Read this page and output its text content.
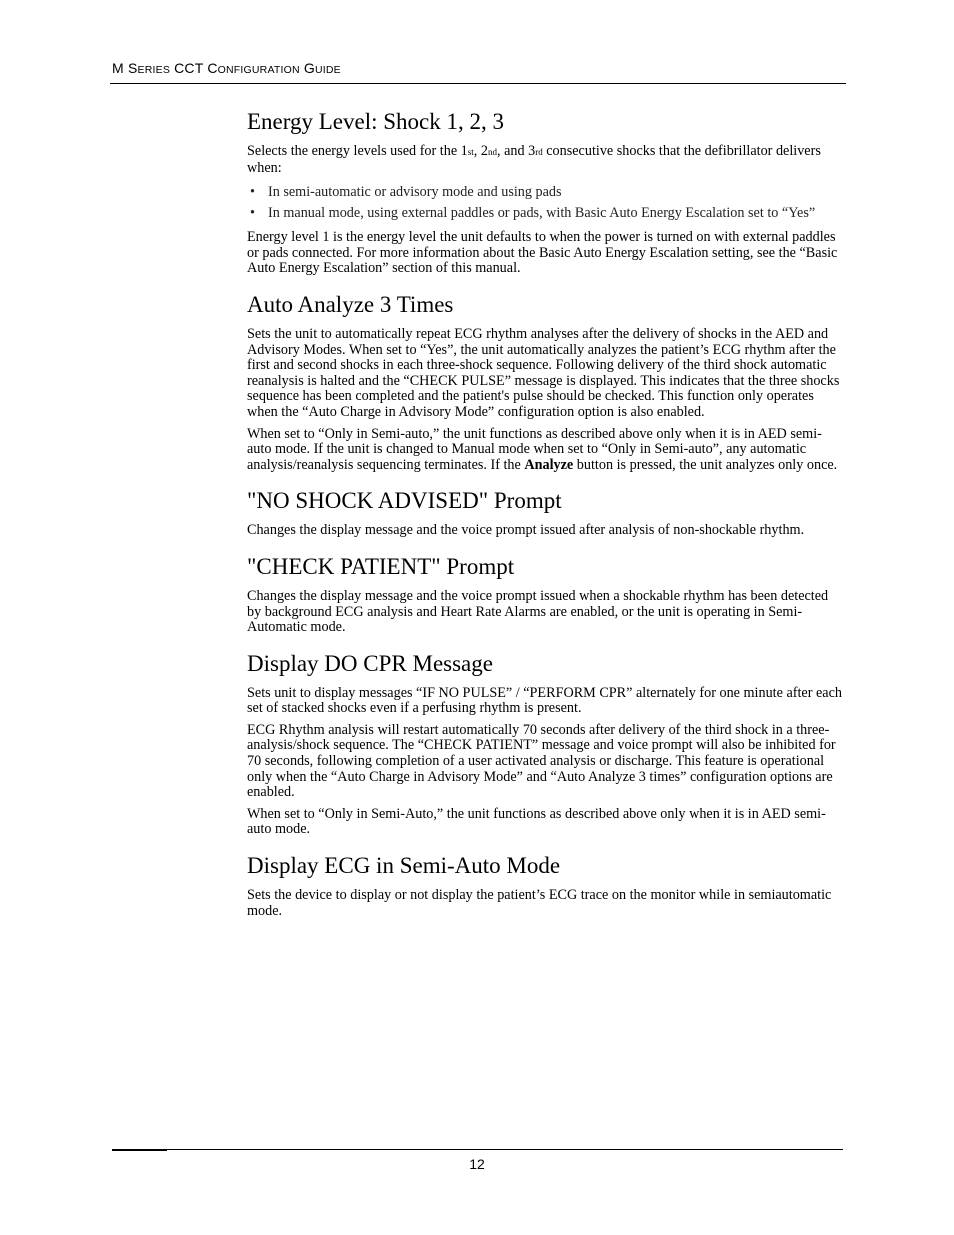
M SERIES CCT CONFIGURATION GUIDE
Energy Level: Shock 1, 2, 3

Selects the energy levels used for the 1st, 2nd, and 3rd consecutive shocks that the defibrillator delivers when:

• In semi-automatic or advisory mode and using pads
• In manual mode, using external paddles or pads, with Basic Auto Energy Escalation set to “Yes”

Energy level 1 is the energy level the unit defaults to when the power is turned on with external paddles or pads connected. For more information about the Basic Auto Energy Escalation setting, see the “Basic Auto Energy Escalation” section of this manual.

Auto Analyze 3 Times

Sets the unit to automatically repeat ECG rhythm analyses after the delivery of shocks in the AED and Advisory Modes. When set to “Yes”, the unit automatically analyzes the patient’s ECG rhythm after the first and second shocks in each three-shock sequence. Following delivery of the third shock automatic reanalysis is halted and the “CHECK PULSE” message is displayed. This indicates that the three shocks sequence has been completed and the patient's pulse should be checked. This function only operates when the “Auto Charge in Advisory Mode” configuration option is also enabled.

When set to “Only in Semi-auto,” the unit functions as described above only when it is in AED semi-auto mode. If the unit is changed to Manual mode when set to “Only in Semi-auto”, any automatic analysis/reanalysis sequencing terminates. If the Analyze button is pressed, the unit analyzes only once.

"NO SHOCK ADVISED" Prompt

Changes the display message and the voice prompt issued after analysis of non-shockable rhythm.

"CHECK PATIENT" Prompt

Changes the display message and the voice prompt issued when a shockable rhythm has been detected by background ECG analysis and Heart Rate Alarms are enabled, or the unit is operating in Semi-Automatic mode.

Display DO CPR Message

Sets unit to display messages “IF NO PULSE” / “PERFORM CPR” alternately for one minute after each set of stacked shocks even if a perfusing rhythm is present.

ECG Rhythm analysis will restart automatically 70 seconds after delivery of the third shock in a three-analysis/shock sequence. The “CHECK PATIENT” message and voice prompt will also be inhibited for 70 seconds, following completion of a user activated analysis or discharge. This feature is operational only when the “Auto Charge in Advisory Mode” and “Auto Analyze 3 times” configuration options are enabled.

When set to “Only in Semi-Auto,” the unit functions as described above only when it is in AED semi-auto mode.

Display ECG in Semi-Auto Mode

Sets the device to display or not display the patient’s ECG trace on the monitor while in semiautomatic mode.

12
